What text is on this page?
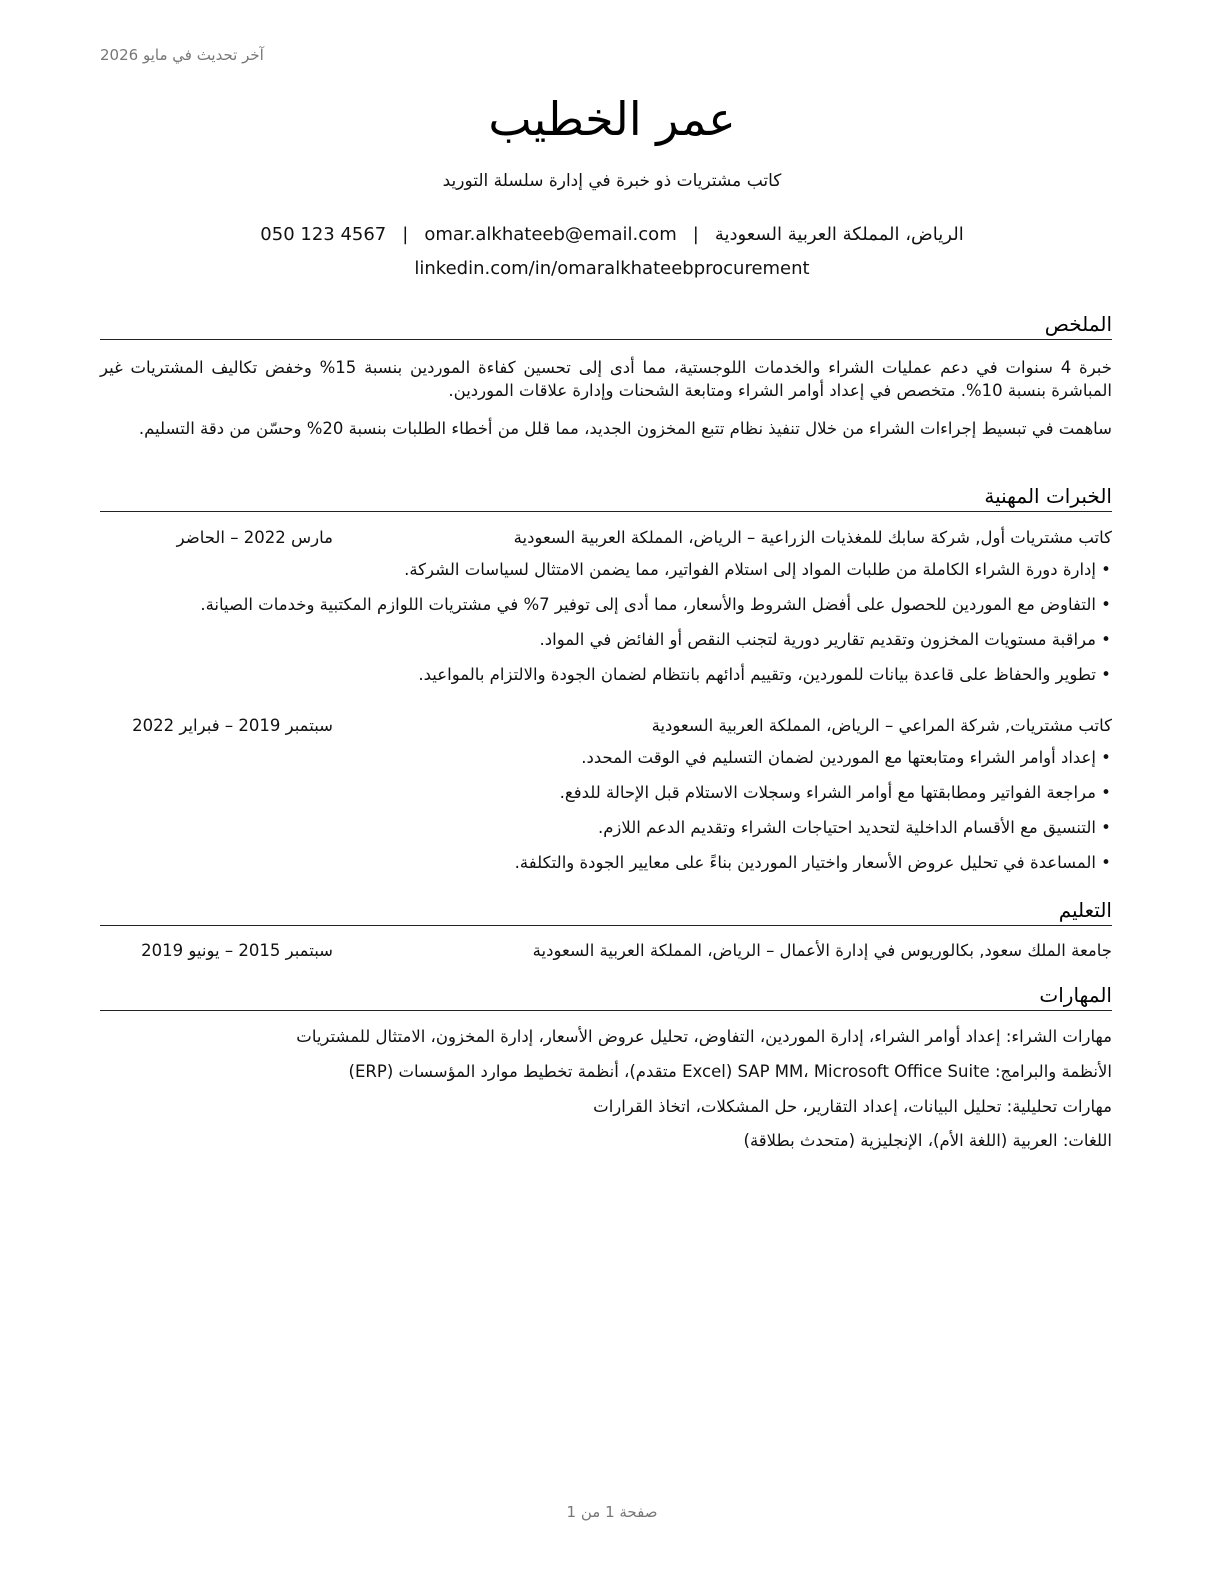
آخر تحديث في مايو 2026
عمر الخطيب
كاتب مشتريات ذو خبرة في إدارة سلسلة التوريد
الرياض، المملكة العربية السعودية|omar.alkhateeb@email.com|050 123 4567
linkedin.com/in/omaralkhateebprocurement
الملخص
خبرة 4 سنوات في دعم عمليات الشراء والخدمات اللوجستية، مما أدى إلى تحسين كفاءة الموردين بنسبة 15% وخفض تكاليف المشتريات غير المباشرة بنسبة 10%. متخصص في إعداد أوامر الشراء ومتابعة الشحنات وإدارة علاقات الموردين.
ساهمت في تبسيط إجراءات الشراء من خلال تنفيذ نظام تتبع المخزون الجديد، مما قلل من أخطاء الطلبات بنسبة 20% وحسّن من دقة التسليم.
الخبرات المهنية
كاتب مشتريات أول, شركة سابك للمغذيات الزراعية – الرياض، المملكة العربية السعودية
مارس 2022 – الحاضر
•إدارة دورة الشراء الكاملة من طلبات المواد إلى استلام الفواتير، مما يضمن الامتثال لسياسات الشركة.
•التفاوض مع الموردين للحصول على أفضل الشروط والأسعار، مما أدى إلى توفير 7% في مشتريات اللوازم المكتبية وخدمات الصيانة.
•مراقبة مستويات المخزون وتقديم تقارير دورية لتجنب النقص أو الفائض في المواد.
•تطوير والحفاظ على قاعدة بيانات للموردين، وتقييم أدائهم بانتظام لضمان الجودة والالتزام بالمواعيد.
كاتب مشتريات, شركة المراعي – الرياض، المملكة العربية السعودية
سبتمبر 2019 – فبراير 2022
•إعداد أوامر الشراء ومتابعتها مع الموردين لضمان التسليم في الوقت المحدد.
•مراجعة الفواتير ومطابقتها مع أوامر الشراء وسجلات الاستلام قبل الإحالة للدفع.
•التنسيق مع الأقسام الداخلية لتحديد احتياجات الشراء وتقديم الدعم اللازم.
•المساعدة في تحليل عروض الأسعار واختيار الموردين بناءً على معايير الجودة والتكلفة.
التعليم
جامعة الملك سعود, بكالوريوس في إدارة الأعمال – الرياض، المملكة العربية السعودية
سبتمبر 2015 – يونيو 2019
المهارات
مهارات الشراء: إعداد أوامر الشراء، إدارة الموردين، التفاوض، تحليل عروض الأسعار، إدارة المخزون، الامتثال للمشتريات
الأنظمة والبرامج: SAP MM، Microsoft Office Suite (Excel متقدم)، أنظمة تخطيط موارد المؤسسات (ERP)
مهارات تحليلية: تحليل البيانات، إعداد التقارير، حل المشكلات، اتخاذ القرارات
اللغات: العربية (اللغة الأم)، الإنجليزية (متحدث بطلاقة)
صفحة 1 من 1
